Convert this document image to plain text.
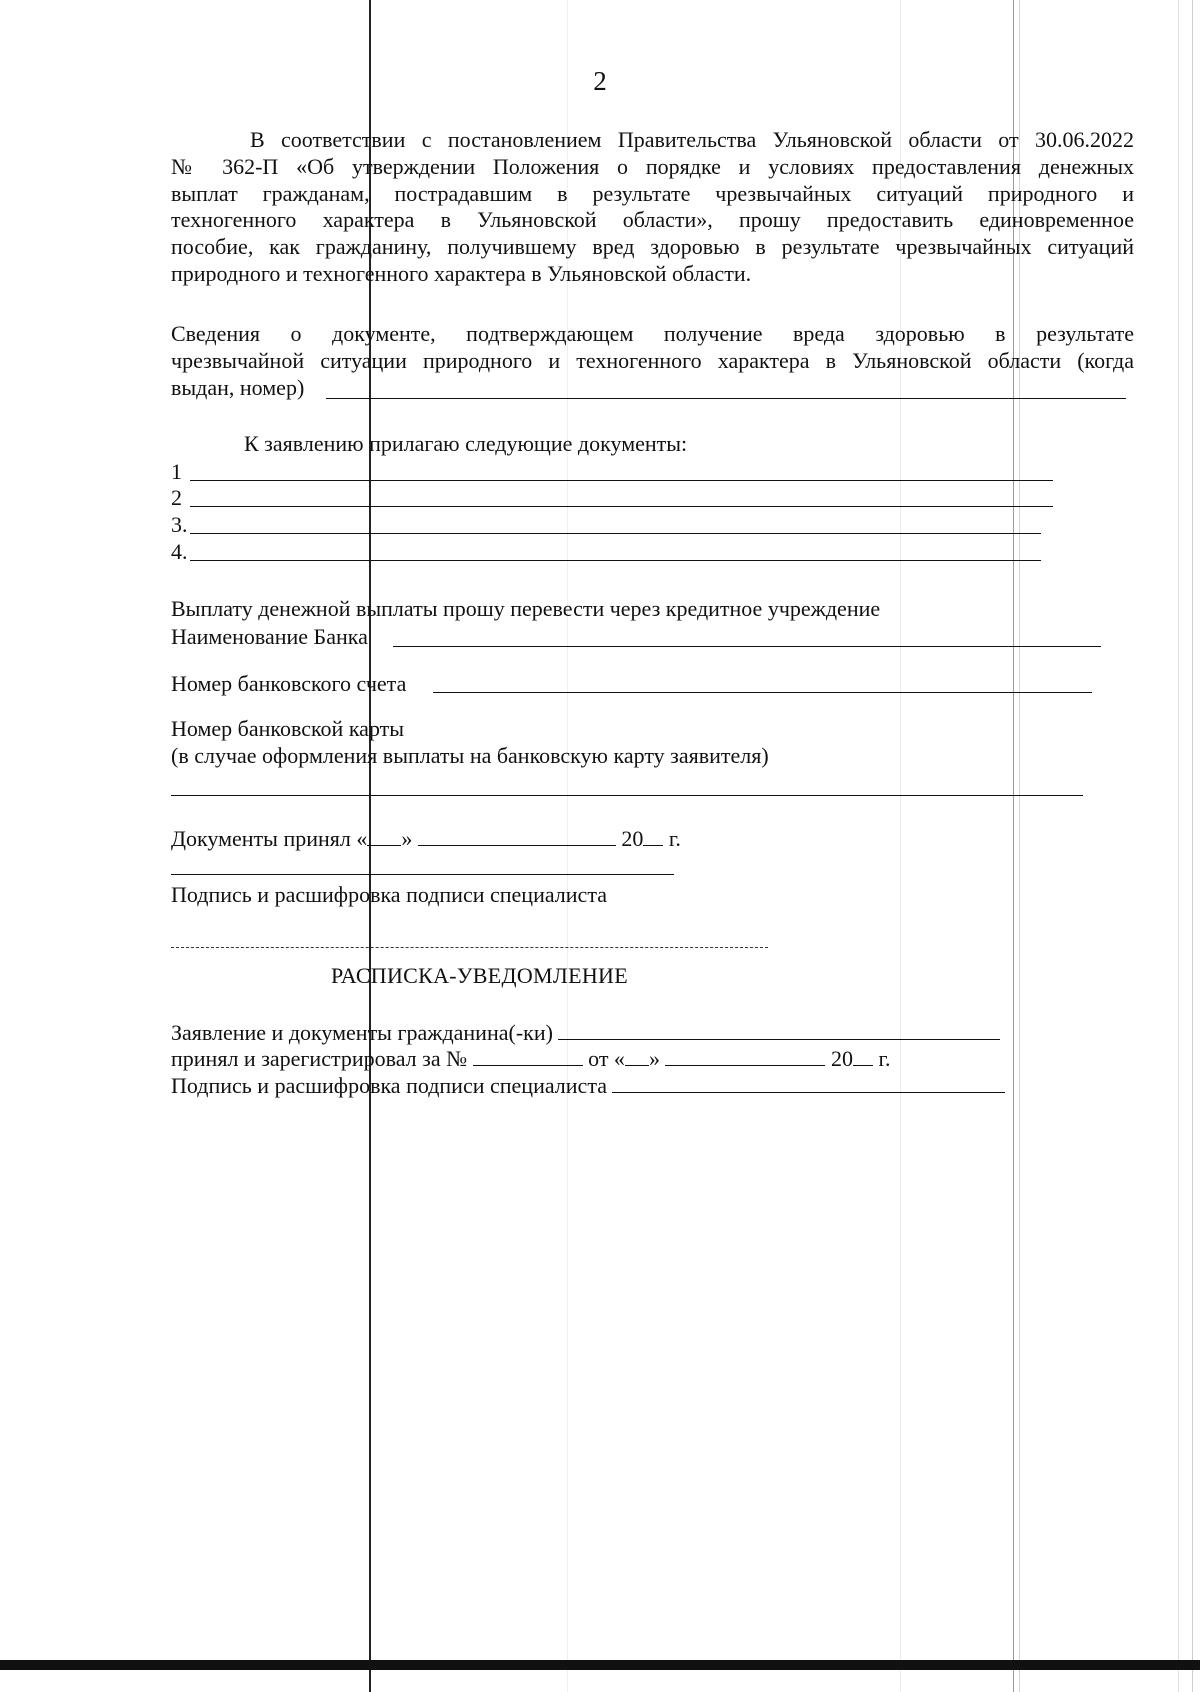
2
В соответствии с постановлением Правительства Ульяновской области от 30.06.2022
№ 362-П «Об утверждении Положения о порядке и условиях предоставления денежных
выплат гражданам, пострадавшим в результате чрезвычайных ситуаций природного и
техногенного характера в Ульяновской области», прошу предоставить единовременное
пособие, как гражданину, получившему вред здоровью в результате чрезвычайных ситуаций
природного и техногенного характера в Ульяновской области.
Сведения о документе, подтверждающем получение вреда здоровью в результате
чрезвычайной ситуации природного и техногенного характера в Ульяновской области (когда
выдан, номер)
К заявлению прилагаю следующие документы:
1
2
3.
4.
Выплату денежной выплаты прошу перевести через кредитное учреждение
Наименование Банка
Номер банковского счета
Номер банковской карты
(в случае оформления выплаты на банковскую карту заявителя)
Документы принял « »	20 г.
Подпись и расшифровка подписи специалиста
РАСПИСКА-УВЕДОМЛЕНИЕ
Заявление и документы гражданина(-ки)
принял и зарегистрировал за №	от « »	20 г.
Подпись и расшифровка подписи специалиста
